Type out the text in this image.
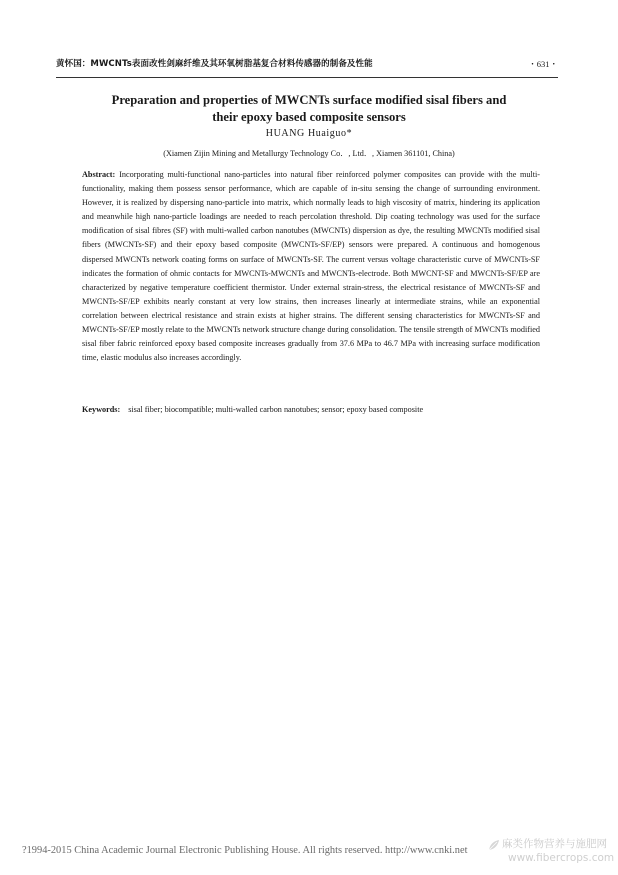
黄怀国：MWCNTs表面改性剑麻纤维及其环氧树脂基复合材料传感器的制备及性能	・631・
Preparation and properties of MWCNTs surface modified sisal fibers and
their epoxy based composite sensors
HUANG Huaiguo*
(Xiamen Zijin Mining and Metallurgy Technology Co．, Ltd．, Xiamen 361101, China)
Abstract: Incorporating multi-functional nano-particles into natural fiber reinforced polymer composites can provide with the multi-functionality, making them possess sensor performance, which are capable of in-situ sensing the change of surrounding environment. However, it is realized by dispersing nano-particle into matrix, which normally leads to high viscosity of matrix, hindering its application and meanwhile high nano-particle loadings are needed to reach percolation threshold. Dip coating technology was used for the surface modification of sisal fibres (SF) with multi-walled carbon nanotubes (MWCNTs) dispersion as dye, the resulting MWCNTs modified sisal fibers (MWCNTs-SF) and their epoxy based composite (MWCNTs-SF/EP) sensors were prepared. A continuous and homogenous dispersed MWCNTs network coating forms on surface of MWCNTs-SF. The current versus voltage characteristic curve of MWCNTs-SF indicates the formation of ohmic contacts for MWCNTs-MWCNTs and MWCNTs-electrode. Both MWCNT-SF and MWCNTs-SF/EP are characterized by negative temperature coefficient thermistor. Under external strain-stress, the electrical resistance of MWCNTs-SF and MWCNTs-SF/EP exhibits nearly constant at very low strains, then increases linearly at intermediate strains, while an exponential correlation between electrical resistance and strain exists at higher strains. The different sensing characteristics for MWCNTs-SF and MWCNTs-SF/EP mostly relate to the MWCNTs network structure change during consolidation. The tensile strength of MWCNTs modified sisal fiber fabric reinforced epoxy based composite increases gradually from 37.6 MPa to 46.7 MPa with increasing surface modification time, elastic modulus also increases accordingly.
Keywords: sisal fiber; biocompatible; multi-walled carbon nanotubes; sensor; epoxy based composite
?1994-2015 China Academic Journal Electronic Publishing House. All rights reserved. http://www.cnki.net
麻类作物营养与施肥网
www.fibercrops.com
